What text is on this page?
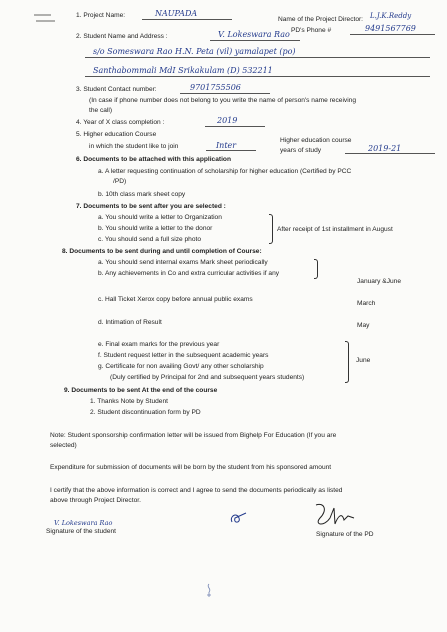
1. Project Name:	NAUPADA
Name of the Project Director: L.J.K.Reddy
PD's Phone #	9491567769
2. Student Name and Address :	V. Lokeswara Rao
s/o Someswara Rao H.N. Peta (vil) yamalapet (po)
Santhabommali MdI Srikakulam (D) 532211
3. Student Contact number:	9701755506
(In case if phone number does not belong to you write the name of person's name receiving
the call)
4. Year of X class completion :	2019
5. Higher education Course
in which the student like to join	Inter
Higher education course
years of study	2019-21
6. Documents to be attached with this application
a. A letter requesting continuation of scholarship for higher education (Certified by PCC
/PD)
b. 10th class mark sheet copy
7. Documents to be sent after you are selected :
a. You should write a letter to Organization
b. You should write a letter to the donor
c. You should send a full size photo
After receipt of 1st installment in August
8. Documents to be sent during and until completion of Course:
a. You should send internal exams Mark sheet periodically
b. Any achievements in Co and extra curricular activities if any
January &June
c. Hall Ticket Xerox copy before annual public exams
March
d. Intimation of Result	May
e. Final exam marks for the previous year
f. Student request letter in the subsequent academic years
g. Certificate for non availing Govt/ any other scholarship
(Duly certified by Principal for 2nd and subsequent years students)
June
9. Documents to be sent At the end of the course
1. Thanks Note by Student
2. Student discontinuation form by PD
Note: Student sponsorship confirmation letter will be issued from Bighelp For Education (If you are
selected)
Expenditure for submission of documents will be born by the student from his sponsored amount
I certify that the above information is correct and I agree to send the documents periodically as listed
above through Project Director.
V. Lokeswara Rao
Signature of the student	Signature of the PD
